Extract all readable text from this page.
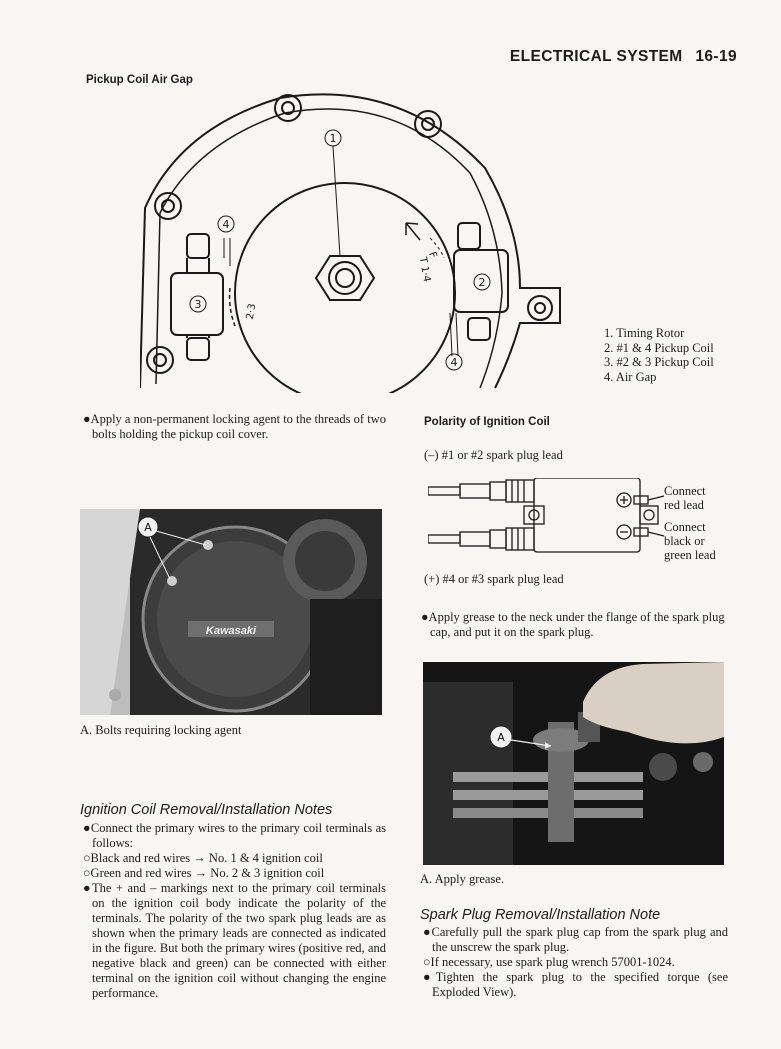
ELECTRICAL SYSTEM 16-19
Pickup Coil Air Gap
1
2
3
4
4
F
T 1·4
2·3

1. Timing Rotor

2. #1 & 4 Pickup Coil

3. #2 & 3 Pickup Coil

4. Air Gap

●Apply a non-permanent locking agent to the threads of two bolts holding the pickup coil cover.

Kawasaki
A
A. Bolts requiring locking agent
Polarity of Ignition Coil
(–) #1 or #2 spark plug lead
Connect
red lead
Connect
black or
green lead
(+) #4 or #3 spark plug lead

●Apply grease to the neck under the flange of the spark plug cap, and put it on the spark plug.

A
A. Apply grease.
Ignition Coil Removal/Installation Notes

●Connect the primary wires to the primary coil terminals as follows:

○Black and red wires → No. 1 & 4 ignition coil

○Green and red wires → No. 2 & 3 ignition coil

●The + and – markings next to the primary coil terminals on the ignition coil body indicate the polarity of the terminals. The polarity of the two spark plug leads are as shown when the primary leads are connected as indicated in the figure. But both the primary wires (positive red, and negative black and green) can be connected with either terminal on the ignition coil without changing the engine performance.

Spark Plug Removal/Installation Note

●Carefully pull the spark plug cap from the spark plug and the unscrew the spark plug.

○If necessary, use spark plug wrench 57001-1024.

●Tighten the spark plug to the specified torque (see Exploded View).
